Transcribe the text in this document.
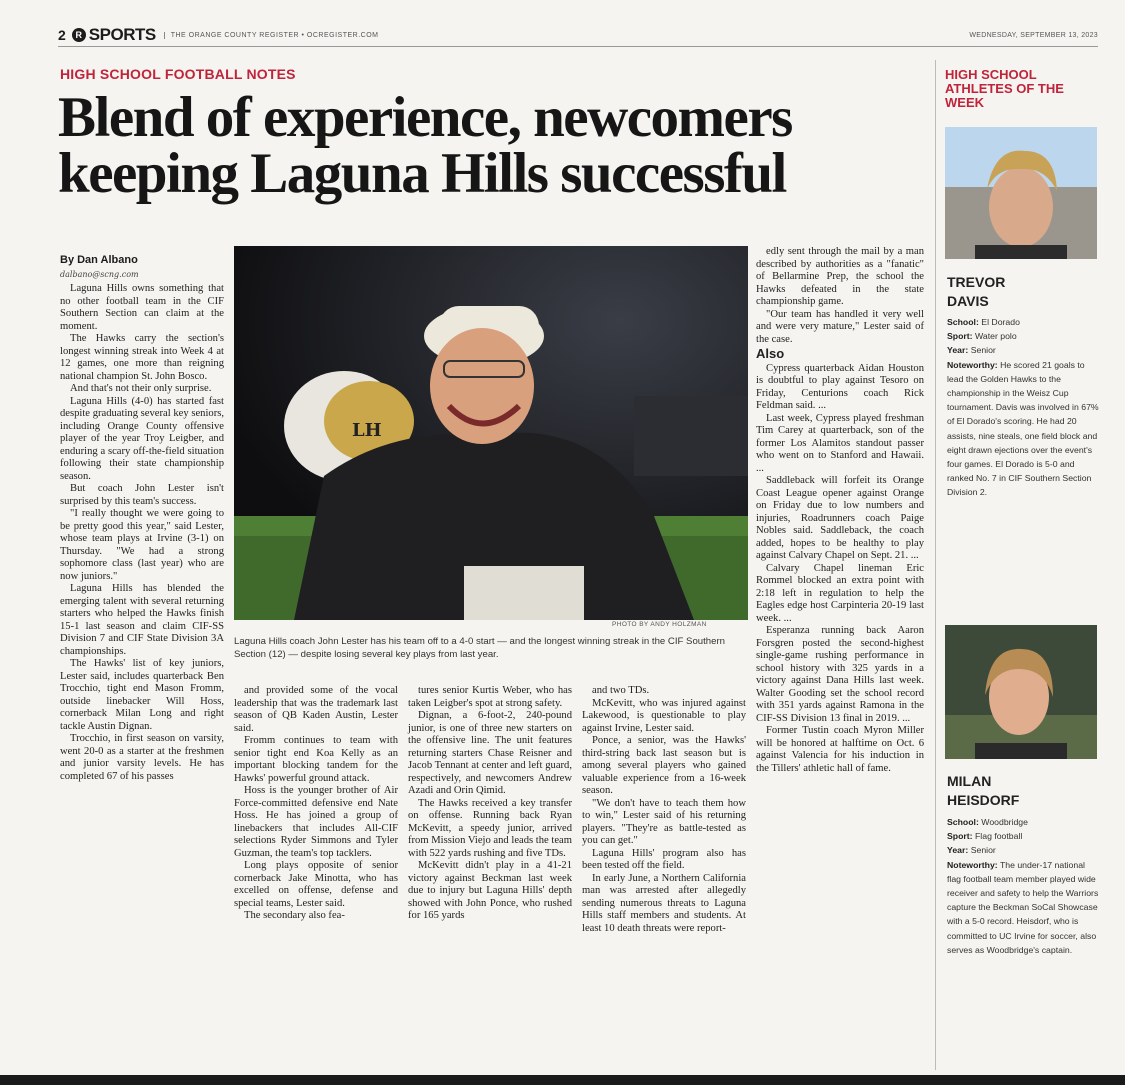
2	R SPORTS	THE ORANGE COUNTY REGISTER • OCREGISTER.COM	WEDNESDAY, SEPTEMBER 13, 2023
HIGH SCHOOL FOOTBALL NOTES
Blend of experience, newcomers
keeping Laguna Hills successful
By Dan Albano
dalbano@scng.com

Laguna Hills owns something that no other football team in the CIF Southern Section can claim at the moment.

The Hawks carry the section's longest winning streak into Week 4 at 12 games, one more than reigning national champion St. John Bosco.

And that's not their only surprise.

Laguna Hills (4-0) has started fast despite graduating several key seniors, including Orange County offensive player of the year Troy Leigber, and enduring a scary off-the-field situation following their state championship season.

But coach John Lester isn't surprised by this team's success.

"I really thought we were going to be pretty good this year," said Lester, whose team plays at Irvine (3-1) on Thursday. "We had a strong sophomore class (last year) who are now juniors."

Laguna Hills has blended the emerging talent with several returning starters who helped the Hawks finish 15-1 last season and claim CIF-SS Division 7 and CIF State Division 3A championships.

The Hawks' list of key juniors, Lester said, includes quarterback Ben Trocchio, tight end Mason Fromm, outside linebacker Will Hoss, cornerback Milan Long and right tackle Austin Dignan.

Trocchio, in first season on varsity, went 20-0 as a starter at the freshmen and junior varsity levels. He has completed 67 of his passes

LH
PHOTO BY ANDY HOLZMAN
Laguna Hills coach John Lester has his team off to a 4-0 start — and the longest winning streak in the CIF Southern Section (12) — despite losing several key plays from last year.

and provided some of the vocal leadership that was the trademark last season of QB Kaden Austin, Lester said.

Fromm continues to team with senior tight end Koa Kelly as an important blocking tandem for the Hawks' powerful ground attack.

Hoss is the younger brother of Air Force-committed defensive end Nate Hoss. He has joined a group of linebackers that includes All-CIF selections Ryder Simmons and Tyler Guzman, the team's top tacklers.

Long plays opposite of senior cornerback Jake Minotta, who has excelled on offense, defense and special teams, Lester said.

The secondary also fea-

tures senior Kurtis Weber, who has taken Leigber's spot at strong safety.

Dignan, a 6-foot-2, 240-pound junior, is one of three new starters on the offensive line. The unit features returning starters Chase Reisner and Jacob Tennant at center and left guard, respectively, and newcomers Andrew Azadi and Orin Qimid.

The Hawks received a key transfer on offense. Running back Ryan McKevitt, a speedy junior, arrived from Mission Viejo and leads the team with 522 yards rushing and five TDs.

McKevitt didn't play in a 41-21 victory against Beckman last week due to injury but Laguna Hills' depth showed with John Ponce, who rushed for 165 yards

and two TDs.

McKevitt, who was injured against Lakewood, is questionable to play against Irvine, Lester said.

Ponce, a senior, was the Hawks' third-string back last season but is among several players who gained valuable experience from a 16-week season.

"We don't have to teach them how to win," Lester said of his returning players. "They're as battle-tested as you can get."

Laguna Hills' program also has been tested off the field.

In early June, a Northern California man was arrested after allegedly sending numerous threats to Laguna Hills staff members and students. At least 10 death threats were report-

edly sent through the mail by a man described by authorities as a "fanatic" of Bellarmine Prep, the school the Hawks defeated in the state championship game.

"Our team has handled it very well and were very mature," Lester said of the case.

Also

Cypress quarterback Aidan Houston is doubtful to play against Tesoro on Friday, Centurions coach Rick Feldman said. ...

Last week, Cypress played freshman Tim Carey at quarterback, son of the former Los Alamitos standout passer who went on to Stanford and Hawaii. ...

Saddleback will forfeit its Orange Coast League opener against Orange on Friday due to low numbers and injuries, Roadrunners coach Paige Nobles said. Saddleback, the coach added, hopes to be healthy to play against Calvary Chapel on Sept. 21. ...

Calvary Chapel lineman Eric Rommel blocked an extra point with 2:18 left in regulation to help the Eagles edge host Carpinteria 20-19 last week. ...

Esperanza running back Aaron Forsgren posted the second-highest single-game rushing performance in school history with 325 yards in a victory against Dana Hills last week. Walter Gooding set the school record with 351 yards against Ramona in the CIF-SS Division 13 final in 2019. ...

Former Tustin coach Myron Miller will be honored at halftime on Oct. 6 against Valencia for his induction in the Tillers' athletic hall of fame.

HIGH SCHOOL ATHLETES OF THE WEEK
TREVOR
DAVIS
School: El Dorado
Sport: Water polo
Year: Senior
Noteworthy: He scored 21 goals to lead the Golden Hawks to the championship in the Weisz Cup tournament. Davis was involved in 67% of El Dorado's scoring. He had 20 assists, nine steals, one field block and eight drawn ejections over the event's four games. El Dorado is 5-0 and ranked No. 7 in CIF Southern Section Division 2.
MILAN
HEISDORF
School: Woodbridge
Sport: Flag football
Year: Senior
Noteworthy: The under-17 national flag football team member played wide receiver and safety to help the Warriors capture the Beckman SoCal Showcase with a 5-0 record. Heisdorf, who is committed to UC Irvine for soccer, also serves as Woodbridge's captain.
